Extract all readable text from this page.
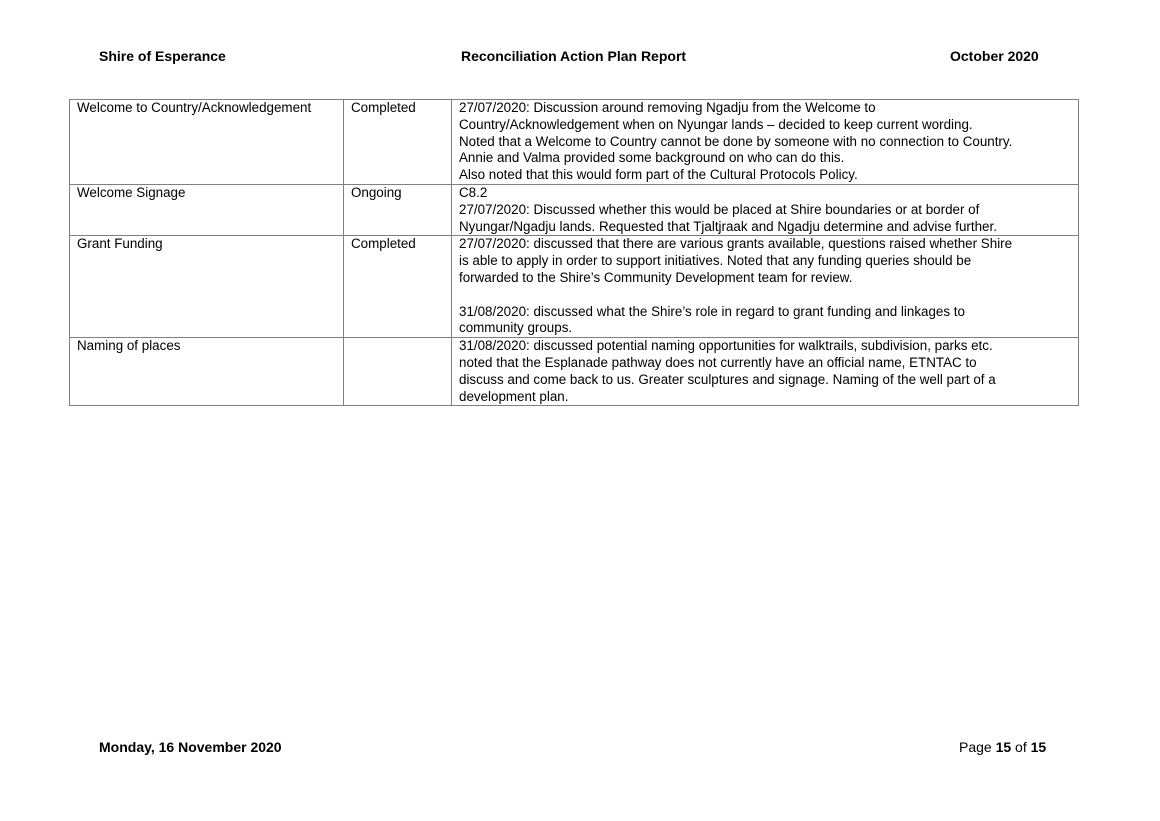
Shire of Esperance	Reconciliation Action Plan Report	October 2020
Welcome to Country/Acknowledgement	Completed	27/07/2020: Discussion around removing Ngadju from the Welcome to
Country/Acknowledgement when on Nyungar lands – decided to keep current wording.
Noted that a Welcome to Country cannot be done by someone with no connection to Country.
Annie and Valma provided some background on who can do this.
Also noted that this would form part of the Cultural Protocols Policy.

Welcome Signage	Ongoing	C8.2
27/07/2020: Discussed whether this would be placed at Shire boundaries or at border of
Nyungar/Ngadju lands. Requested that Tjaltjraak and Ngadju determine and advise further.

Grant Funding	Completed	27/07/2020: discussed that there are various grants available, questions raised whether Shire
is able to apply in order to support initiatives. Noted that any funding queries should be
forwarded to the Shire’s Community Development team for review.
31/08/2020: discussed what the Shire’s role in regard to grant funding and linkages to
community groups.

Naming of places		31/08/2020: discussed potential naming opportunities for walktrails, subdivision, parks etc.
noted that the Esplanade pathway does not currently have an official name, ETNTAC to
discuss and come back to us. Greater sculptures and signage. Naming of the well part of a
development plan.
Monday, 16 November 2020	Page 15 of 15
